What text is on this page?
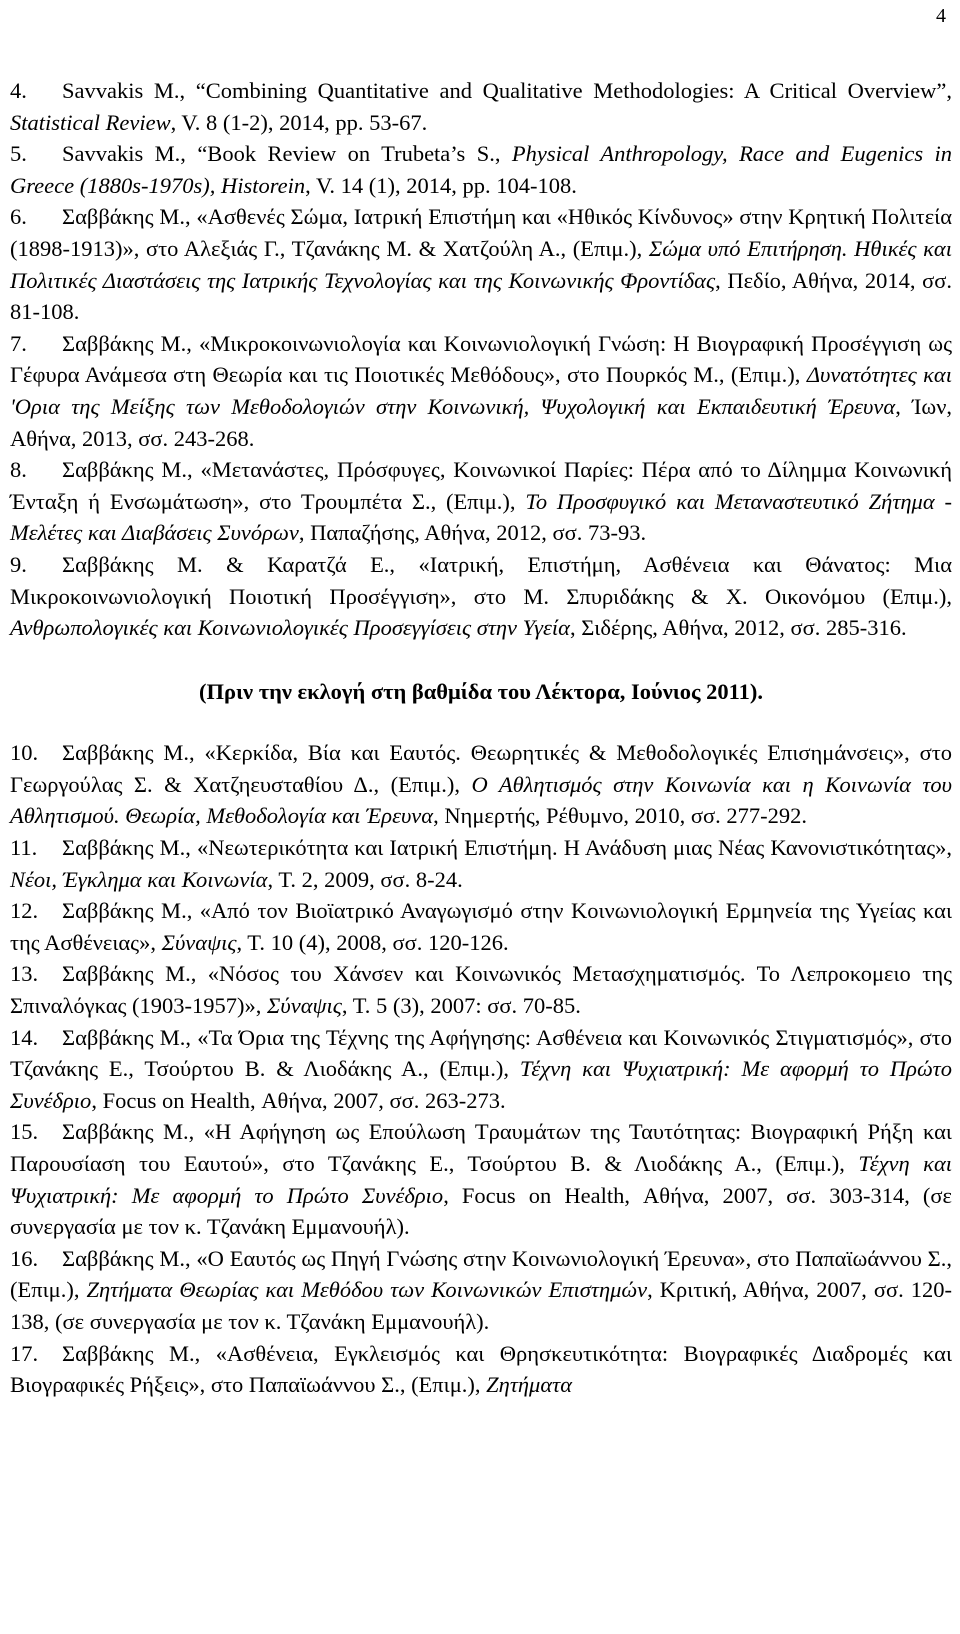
4

4. Savvakis M., “Combining Quantitative and Qualitative Methodologies: A Critical Overview”, Statistical Review, V. 8 (1-2), 2014, pp. 53-67.

5. Savvakis M., “Book Review on Trubeta’s S., Physical Anthropology, Race and Eugenics in Greece (1880s-1970s), Historein, V. 14 (1), 2014, pp. 104-108.

6. Σαββάκης Μ., «Ασθενές Σώμα, Ιατρική Επιστήμη και «Ηθικός Κίνδυνος» στην Κρητική Πολιτεία (1898-1913)», στο Αλεξιάς Γ., Τζανάκης Μ. & Χατζούλη Α., (Επιμ.), Σώμα υπό Επιτήρηση. Ηθικές και Πολιτικές Διαστάσεις της Ιατρικής Τεχνολογίας και της Κοινωνικής Φροντίδας, Πεδίο, Αθήνα, 2014, σσ. 81-108.

7. Σαββάκης Μ., «Μικροκοινωνιολογία και Κοινωνιολογική Γνώση: Η Βιογραφική Προσέγγιση ως Γέφυρα Ανάμεσα στη Θεωρία και τις Ποιοτικές Μεθόδους», στο Πουρκός Μ., (Επιμ.), Δυνατότητες και 'Ορια της Μείξης των Μεθοδολογιών στην Κοινωνική, Ψυχολογική και Εκπαιδευτική Έρευνα, Ίων, Αθήνα, 2013, σσ. 243-268.

8. Σαββάκης Μ., «Μετανάστες, Πρόσφυγες, Κοινωνικοί Παρίες: Πέρα από το Δίλημμα Κοινωνική Ένταξη ή Ενσωμάτωση», στο Τρουμπέτα Σ., (Επιμ.), Το Προσφυγικό και Μεταναστευτικό Ζήτημα - Μελέτες και Διαβάσεις Συνόρων, Παπαζήσης, Αθήνα, 2012, σσ. 73-93.

9. Σαββάκης Μ. & Καρατζά Ε., «Ιατρική, Επιστήμη, Ασθένεια και Θάνατος: Μια Μικροκοινωνιολογική Ποιοτική Προσέγγιση», στο Μ. Σπυριδάκης & Χ. Οικονόμου (Επιμ.), Ανθρωπολογικές και Κοινωνιολογικές Προσεγγίσεις στην Υγεία, Σιδέρης, Αθήνα, 2012, σσ. 285-316.

(Πριν την εκλογή στη βαθμίδα του Λέκτορα, Ιούνιος 2011).

10. Σαββάκης Μ., «Κερκίδα, Βία και Εαυτός. Θεωρητικές & Μεθοδολογικές Επισημάνσεις», στο Γεωργούλας Σ. & Χατζηευσταθίου Δ., (Επιμ.), Ο Αθλητισμός στην Κοινωνία και η Κοινωνία του Αθλητισμού. Θεωρία, Μεθοδολογία και Έρευνα, Νημερτής, Ρέθυμνο, 2010, σσ. 277-292.

11. Σαββάκης Μ., «Νεωτερικότητα και Ιατρική Επιστήμη. Η Ανάδυση μιας Νέας Κανονιστικότητας», Νέοι, Έγκλημα και Κοινωνία, Τ. 2, 2009, σσ. 8-24.

12. Σαββάκης Μ., «Από τον Βιοϊατρικό Αναγωγισμό στην Κοινωνιολογική Ερμηνεία της Υγείας και της Ασθένειας», Σύναψις, Τ. 10 (4), 2008, σσ. 120-126.

13. Σαββάκης Μ., «Νόσος του Χάνσεν και Κοινωνικός Μετασχηματισμός. Το Λεπροκομειο της Σπιναλόγκας (1903-1957)», Σύναψις, Τ. 5 (3), 2007: σσ. 70-85.

14. Σαββάκης Μ., «Τα Όρια της Τέχνης της Αφήγησης: Ασθένεια και Κοινωνικός Στιγματισμός», στο Τζανάκης Ε., Τσούρτου Β. & Λιοδάκης Α., (Επιμ.), Τέχνη και Ψυχιατρική: Με αφορμή το Πρώτο Συνέδριο, Focus on Health, Αθήνα, 2007, σσ. 263-273.

15. Σαββάκης Μ., «Η Αφήγηση ως Επούλωση Τραυμάτων της Ταυτότητας: Βιογραφική Ρήξη και Παρουσίαση του Εαυτού», στο Τζανάκης Ε., Τσούρτου Β. & Λιοδάκης Α., (Επιμ.), Τέχνη και Ψυχιατρική: Με αφορμή το Πρώτο Συνέδριο, Focus on Health, Αθήνα, 2007, σσ. 303-314, (σε συνεργασία με τον κ. Τζανάκη Εμμανουήλ).

16. Σαββάκης Μ., «Ο Εαυτός ως Πηγή Γνώσης στην Κοινωνιολογική Έρευνα», στο Παπαϊωάννου Σ., (Επιμ.), Ζητήματα Θεωρίας και Μεθόδου των Κοινωνικών Επιστημών, Κριτική, Αθήνα, 2007, σσ. 120-138, (σε συνεργασία με τον κ. Τζανάκη Εμμανουήλ).

17. Σαββάκης Μ., «Ασθένεια, Εγκλεισμός και Θρησκευτικότητα: Βιογραφικές Διαδρομές και Βιογραφικές Ρήξεις», στο Παπαϊωάννου Σ., (Επιμ.), Ζητήματα
